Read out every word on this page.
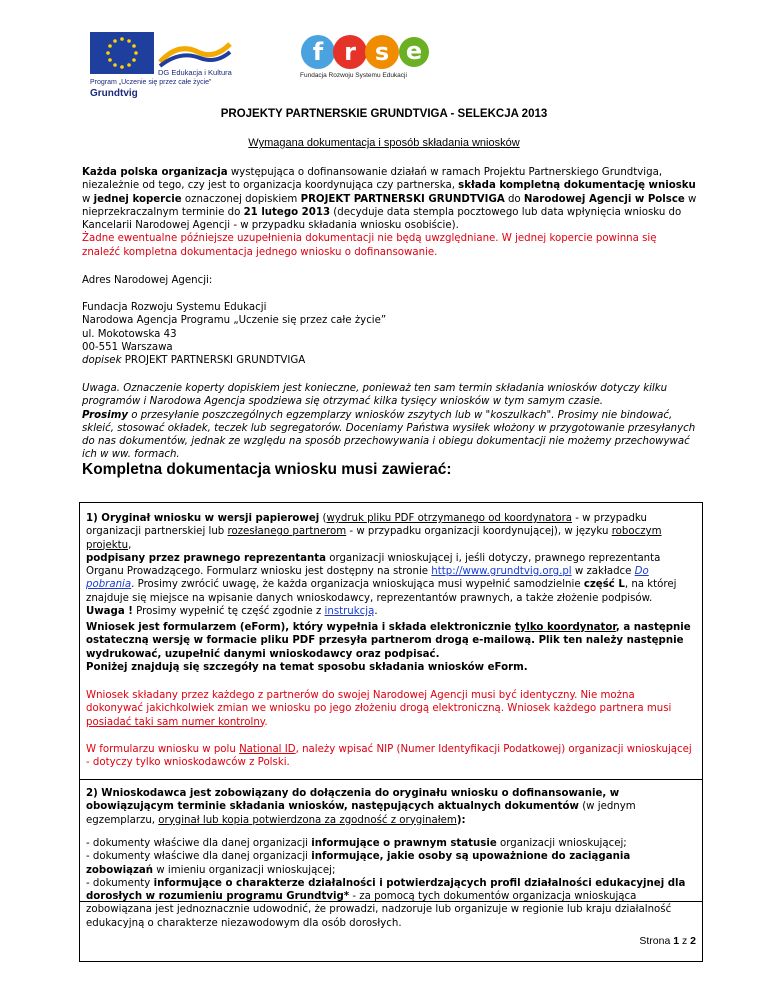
DG Edukacja i Kultura
Program „Uczenie się przez całe życie”
Grundtvig
f r s e
Fundacja Rozwoju Systemu Edukacji
PROJEKTY PARTNERSKIE GRUNDTVIGA - SELEKCJA 2013
Wymagana dokumentacja i sposób składania wniosków
Każda polska organizacja występująca o dofinansowanie działań w ramach Projektu Partnerskiego Grundtviga, niezależnie od tego, czy jest to organizacja koordynująca czy partnerska, składa kompletną dokumentację wniosku w jednej kopercie oznaczonej dopiskiem PROJEKT PARTNERSKI GRUNDTVIGA do Narodowej Agencji w Polsce w nieprzekraczalnym terminie do 21 lutego 2013 (decyduje data stempla pocztowego lub data wpłynięcia wniosku do Kancelarii Narodowej Agencji - w przypadku składania wniosku osobiście).
Żadne ewentualne późniejsze uzupełnienia dokumentacji nie będą uwzględniane. W jednej kopercie powinna się znaleźć kompletna dokumentacja jednego wniosku o dofinansowanie.
Adres Narodowej Agencji:
Fundacja Rozwoju Systemu Edukacji
Narodowa Agencja Programu „Uczenie się przez całe życie”
ul. Mokotowska 43
00-551 Warszawa
dopisek PROJEKT PARTNERSKI GRUNDTVIGA
Uwaga. Oznaczenie koperty dopiskiem jest konieczne, ponieważ ten sam termin składania wniosków dotyczy kilku programów i Narodowa Agencja spodziewa się otrzymać kilka tysięcy wniosków w tym samym czasie.
Prosimy o przesyłanie poszczególnych egzemplarzy wniosków zszytych lub w "koszulkach". Prosimy nie bindować, skleić, stosować okładek, teczek lub segregatorów. Doceniamy Państwa wysiłek włożony w przygotowanie przesyłanych do nas dokumentów, jednak ze względu na sposób przechowywania i obiegu dokumentacji nie możemy przechowywać ich w ww. formach.
Kompletna dokumentacja wniosku musi zawierać:
1) Oryginał wniosku w wersji papierowej (wydruk pliku PDF otrzymanego od koordynatora - w przypadku organizacji partnerskiej lub rozesłanego partnerom - w przypadku organizacji koordynującej), w języku roboczym projektu,
podpisany przez prawnego reprezentanta organizacji wnioskującej i, jeśli dotyczy, prawnego reprezentanta Organu Prowadzącego. Formularz wniosku jest dostępny na stronie http://www.grundtvig.org.pl w zakładce Do pobrania. Prosimy zwrócić uwagę, że każda organizacja wnioskująca musi wypełnić samodzielnie część L, na której znajduje się miejsce na wpisanie danych wnioskodawcy, reprezentantów prawnych, a także złożenie podpisów. Uwaga ! Prosimy wypełnić tę część zgodnie z instrukcją.
Wniosek jest formularzem (eForm), który wypełnia i składa elektronicznie tylko koordynator, a następnie ostateczną wersję w formacie pliku PDF przesyła partnerom drogą e-mailową. Plik ten należy następnie wydrukować, uzupełnić danymi wnioskodawcy oraz podpisać.
Poniżej znajdują się szczegóły na temat sposobu składania wniosków eForm.
Wniosek składany przez każdego z partnerów do swojej Narodowej Agencji musi być identyczny. Nie można dokonywać jakichkolwiek zmian we wniosku po jego złożeniu drogą elektroniczną. Wniosek każdego partnera musi posiadać taki sam numer kontrolny.
W formularzu wniosku w polu National ID, należy wpisać NIP (Numer Identyfikacji Podatkowej) organizacji wnioskującej - dotyczy tylko wnioskodawców z Polski.
2) Wnioskodawca jest zobowiązany do dołączenia do oryginału wniosku o dofinansowanie, w obowiązującym terminie składania wniosków, następujących aktualnych dokumentów (w jednym egzemplarzu, oryginał lub kopia potwierdzona za zgodność z oryginałem):
- dokumenty właściwe dla danej organizacji informujące o prawnym statusie organizacji wnioskującej;
- dokumenty właściwe dla danej organizacji informujące, jakie osoby są upoważnione do zaciągania zobowiązań w imieniu organizacji wnioskującej;
- dokumenty informujące o charakterze działalności i potwierdzających profil działalności edukacyjnej dla dorosłych w rozumieniu programu Grundtvig* - za pomocą tych dokumentów organizacja wnioskująca zobowiązana jest jednoznacznie udowodnić, że prowadzi, nadzoruje lub organizuje w regionie lub kraju działalność edukacyjną o charakterze niezawodowym dla osób dorosłych.
Strona 1 z 2
